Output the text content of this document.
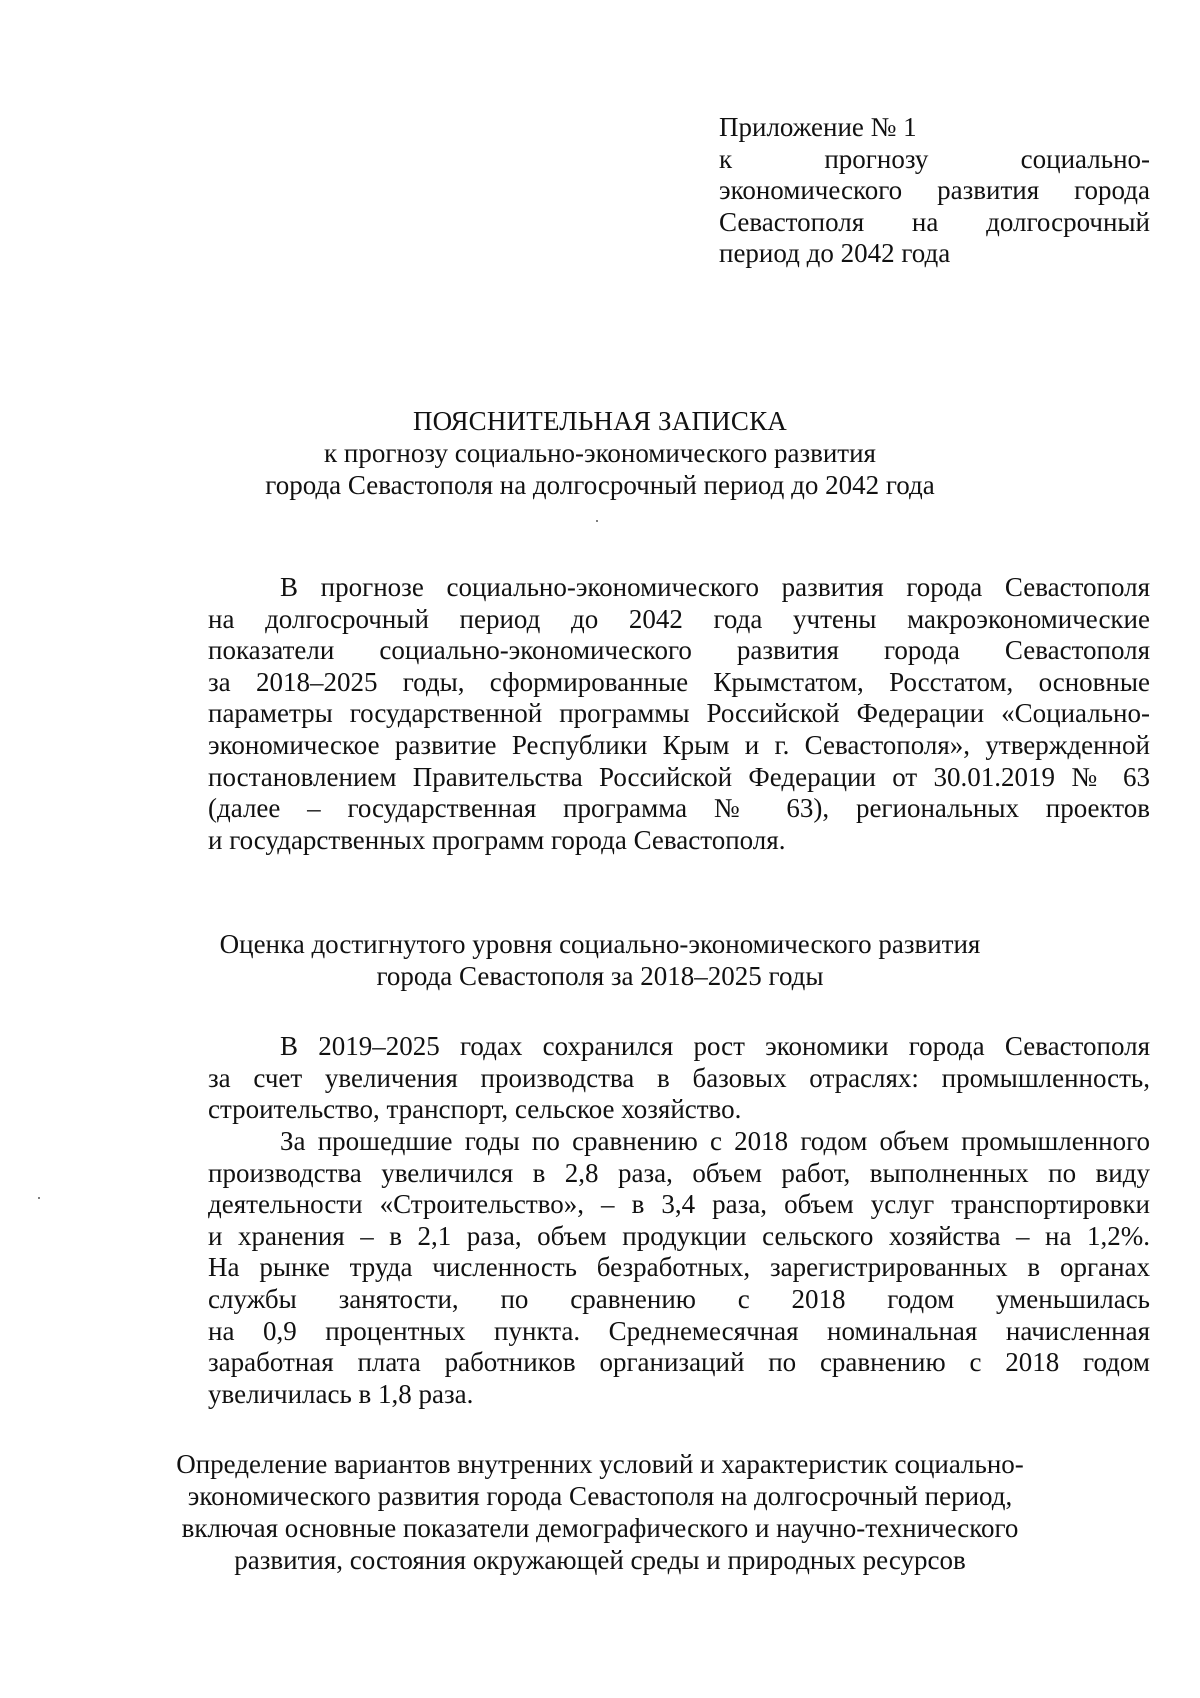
Приложение № 1
к	прогнозу	социально-
экономического развития города
Севастополя на долгосрочный
период до 2042 года
ПОЯСНИТЕЛЬНАЯ ЗАПИСКА
к прогнозу социально-экономического развития
города Севастополя на долгосрочный период до 2042 года
В прогнозе социально-экономического развития города Севастополя
на долгосрочный период до 2042 года учтены макроэкономические
показатели социально-экономического развития города Севастополя
за 2018–2025 годы, сформированные Крымстатом, Росстатом, основные
параметры государственной программы Российской Федерации «Социально-
экономическое развитие Республики Крым и г. Севастополя», утвержденной
постановлением Правительства Российской Федерации от 30.01.2019 № 63
(далее – государственная программа № 63), региональных проектов
и государственных программ города Севастополя.
Оценка достигнутого уровня социально-экономического развития
города Севастополя за 2018–2025 годы
В 2019–2025 годах сохранился рост экономики города Севастополя
за счет увеличения производства в базовых отраслях: промышленность,
строительство, транспорт, сельское хозяйство.
За прошедшие годы по сравнению с 2018 годом объем промышленного
производства увеличился в 2,8 раза, объем работ, выполненных по виду
деятельности «Строительство», – в 3,4 раза, объем услуг транспортировки
и хранения – в 2,1 раза, объем продукции сельского хозяйства – на 1,2%.
На рынке труда численность безработных, зарегистрированных в органах
службы занятости, по сравнению с 2018 годом уменьшилась
на 0,9 процентных пункта. Среднемесячная номинальная начисленная
заработная плата работников организаций по сравнению с 2018 годом
увеличилась в 1,8 раза.
Определение вариантов внутренних условий и характеристик социально-
экономического развития города Севастополя на долгосрочный период,
включая основные показатели демографического и научно-технического
развития, состояния окружающей среды и природных ресурсов
